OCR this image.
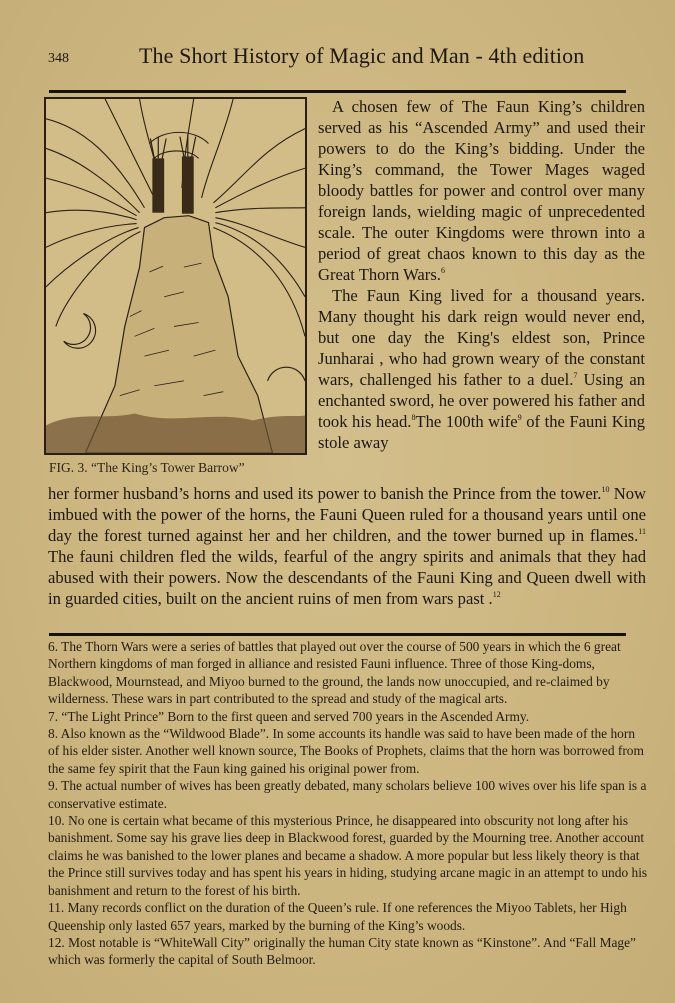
348	The Short History of Magic and Man - 4th edition
FIG. 3. “The King’s Tower Barrow”

A chosen few of The Faun King’s children served as his “Ascended Army” and used their powers to do the King’s bidding. Under the King’s command, the Tower Mages waged bloody battles for power and control over many foreign lands, wielding magic of unprecedented scale. The outer Kingdoms were thrown into a period of great chaos known to this day as the Great Thorn Wars.$^6$

The Faun King lived for a thousand years. Many thought his dark reign would never end, but one day the King's eldest son, Prince Junharai , who had grown weary of the constant wars, challenged his father to a duel.$^7$ Using an enchanted sword, he over powered his father and took his head.$^8$The 100th wife$^9$ of the Fauni King stole away

her former husband’s horns and used its power to banish the Prince from the tower.$^{10}$ Now imbued with the power of the horns, the Fauni Queen ruled for a thousand years until one day the forest turned against her and her children, and the tower burned up in flames.$^{11}$ The fauni children fled the wilds, fearful of the angry spirits and animals that they had abused with their powers. Now the descendants of the Fauni King and Queen dwell with in guarded cities, built on the ancient ruins of men from wars past .$^{12}$

6. The Thorn Wars were a series of battles that played out over the course of 500 years in which the 6 great Northern kingdoms of man forged in alliance and resisted Fauni influence. Three of those King-doms, Blackwood, Mournstead, and Miyoo burned to the ground, the lands now unoccupied, and re-claimed by wilderness. These wars in part contributed to the spread and study of the magical arts.

7. “The Light Prince” Born to the first queen and served 700 years in the Ascended Army.

8. Also known as the “Wildwood Blade”. In some accounts its handle was said to have been made of the horn of his elder sister. Another well known source, The Books of Prophets, claims that the horn was borrowed from the same fey spirit that the Faun king gained his original power from.

9. The actual number of wives has been greatly debated, many scholars believe 100 wives over his life span is a conservative estimate.

10. No one is certain what became of this mysterious Prince, he disappeared into obscurity not long after his banishment. Some say his grave lies deep in Blackwood forest, guarded by the Mourning tree. Another account claims he was banished to the lower planes and became a shadow. A more popular but less likely theory is that the Prince still survives today and has spent his years in hiding, studying arcane magic in an attempt to undo his banishment and return to the forest of his birth.

11. Many records conflict on the duration of the Queen’s rule. If one references the Miyoo Tablets, her High Queenship only lasted 657 years, marked by the burning of the King’s woods.

12. Most notable is “WhiteWall City” originally the human City state known as “Kinstone”. And “Fall Mage” which was formerly the capital of South Belmoor.
